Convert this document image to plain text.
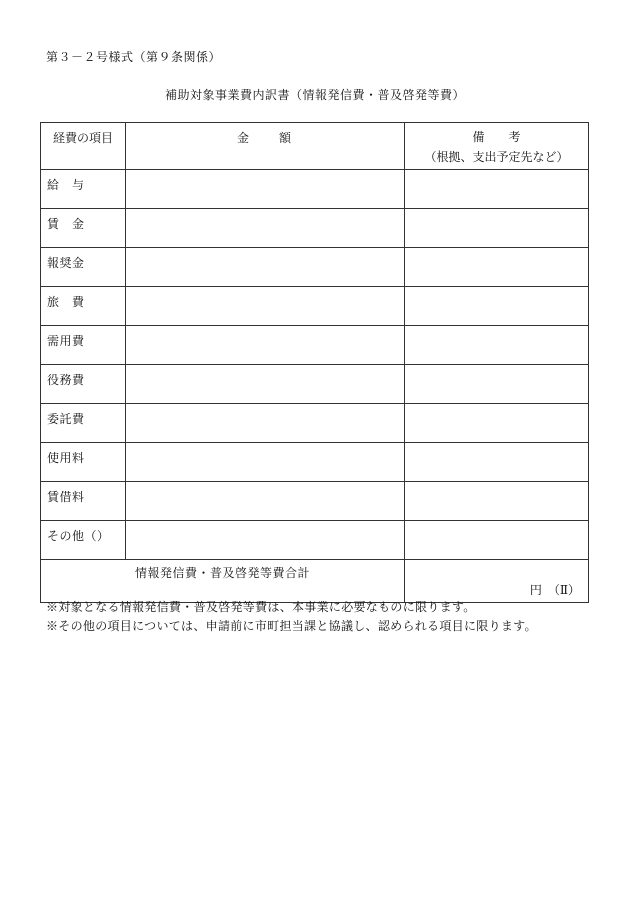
第３－２号様式（第９条関係）
補助対象事業費内訳書（情報発信費・普及啓発等費）
経費の項目	金　　額	備　　考
（根拠、支出予定先など）

給　与		

賃　金		

報奨金		

旅　費		

需用費		

役務費		

委託費		

使用料		

賃借料		

その他（）		

情報発信費・普及啓発等費合計		円　（Ⅱ）
※対象となる情報発信費・普及啓発等費は、本事業に必要なものに限ります。
※その他の項目については、申請前に市町担当課と協議し、認められる項目に限ります。
